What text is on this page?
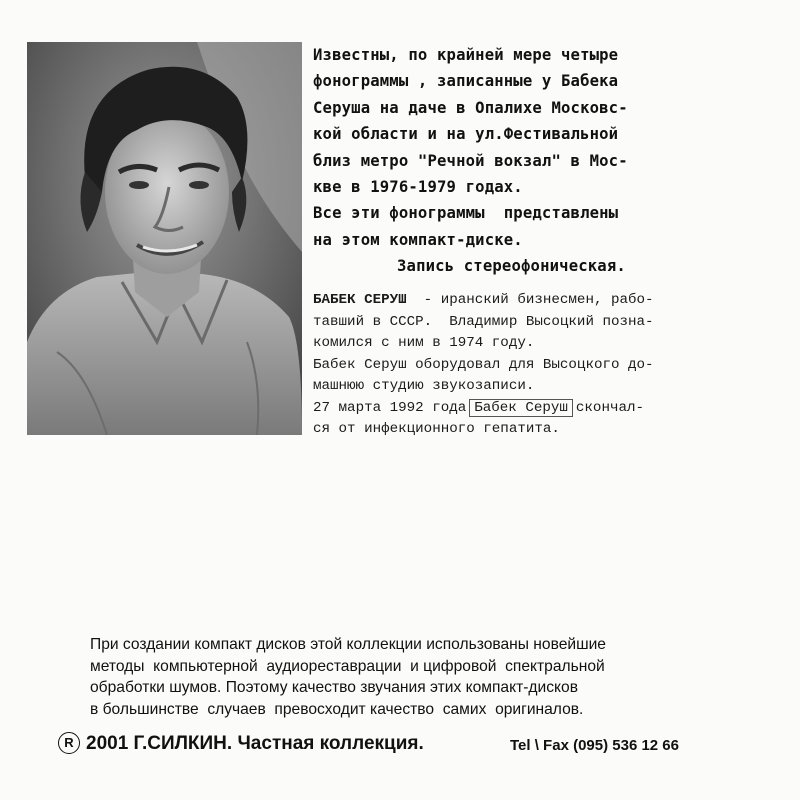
Известны, по крайней мере четыре
фонограммы , записанные у Бабека
Серуша на даче в Опалихе Московс-
кой области и на ул.Фестивальной
близ метро "Речной вокзал" в Мос-
кве в 1976-1979 годах.
Все эти фонограммы  представлены
на этом компакт-диске.
Запись стереофоническая.
БАБЕК СЕРУШ  - иранский бизнесмен, рабо-
тавший в СССР.  Владимир Высоцкий позна-
комился с ним в 1974 году.
Бабек Серуш оборудовал для Высоцкого до-
машнюю студию звукозаписи.
27 марта 1992 года Бабек Серуш скончал-
ся от инфекционного гепатита.
При создании компакт дисков этой коллекции использованы новейшие
методы  компьютерной  аудиореставрации  и цифровой  спектральной
обработки шумов. Поэтому качество звучания этих компакт-дисков
в большинстве  случаев  превосходит качество  самих  оригиналов.
R 2001 Г.СИЛКИН. Частная коллекция.	Tel \ Fax (095) 536 12 66
